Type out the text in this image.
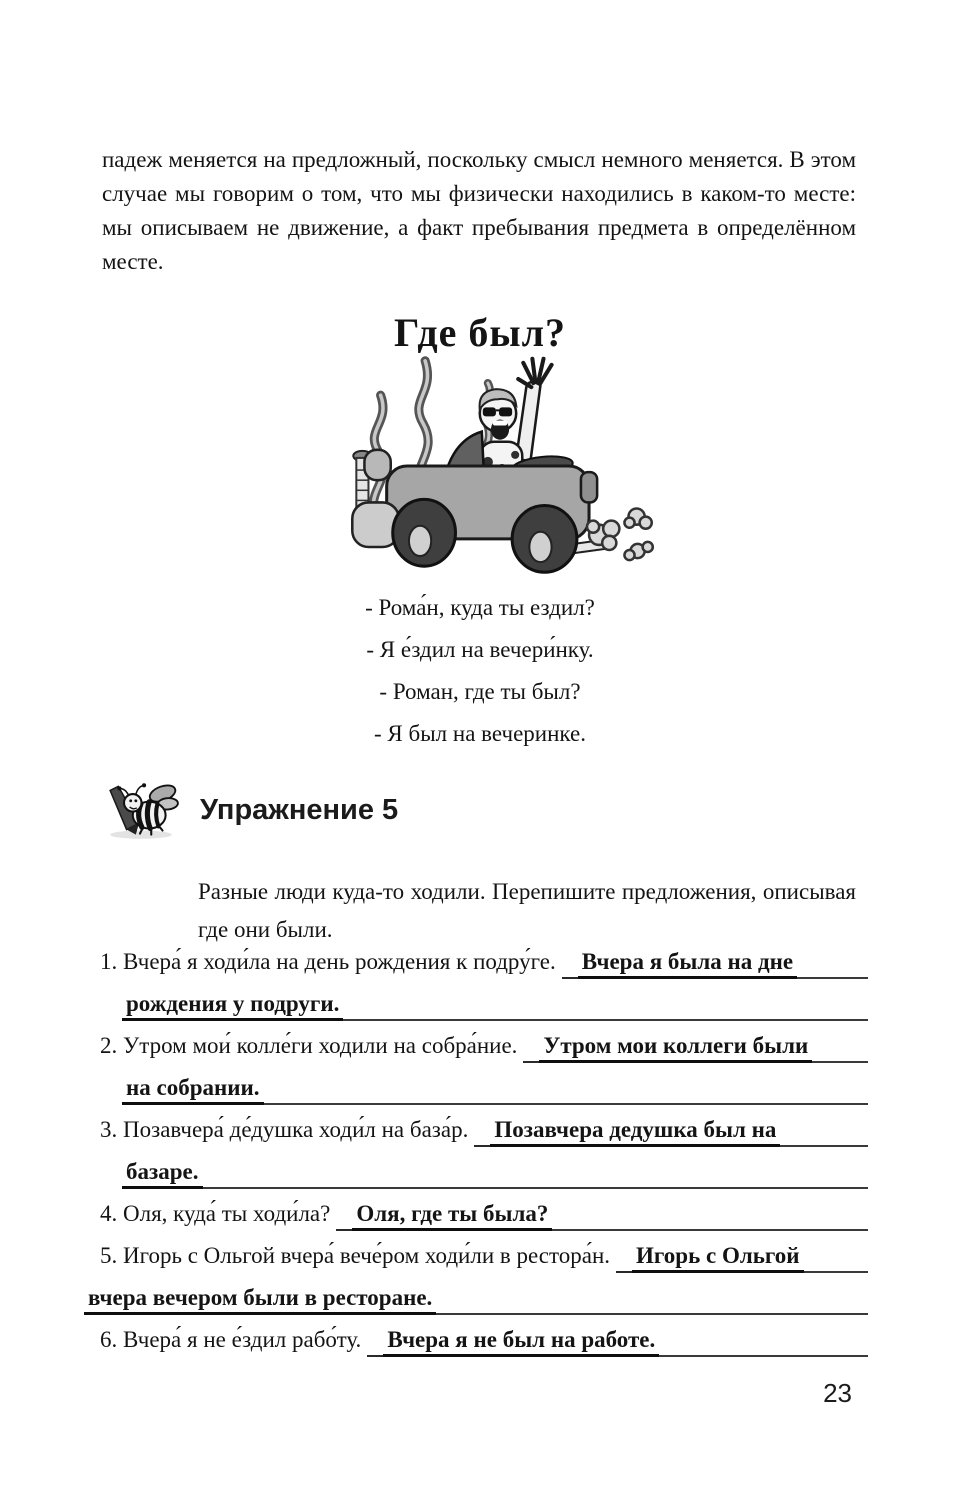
падеж меняется на предложный, поскольку смысл немного меняется. В этом случае мы говорим о том, что мы физически находились в каком-то месте: мы описываем не движение, а факт пребывания предмета в определённом месте.

Где был?
- Рома́н, куда ты ездил?
- Я е́здил на вечери́нку.
- Роман, где ты был?
- Я был на вечеринке.
Упражнение 5

Разные люди куда-то ходили. Перепишите предложения, описывая где они были.

1. Вчера́ я ходи́ла на день рождения к подру́ге. Вчера я была на дне
рождения у подруги.
2. Утром мои́ колле́ги ходили на собра́ние. Утром мои коллеги были
на собрании.
3. Позавчера́ де́душка ходи́л на база́р. Позавчера дедушка был на
базаре.
4. Оля, куда́ ты ходи́ла? Оля, где ты была?
5. Игорь с Ольгой вчера́ вече́ром ходи́ли в рестора́н. Игорь с Ольгой
вчера вечером были в ресторане.
6. Вчера́ я не е́здил рабо́ту. Вчера я не был на работе.
23
